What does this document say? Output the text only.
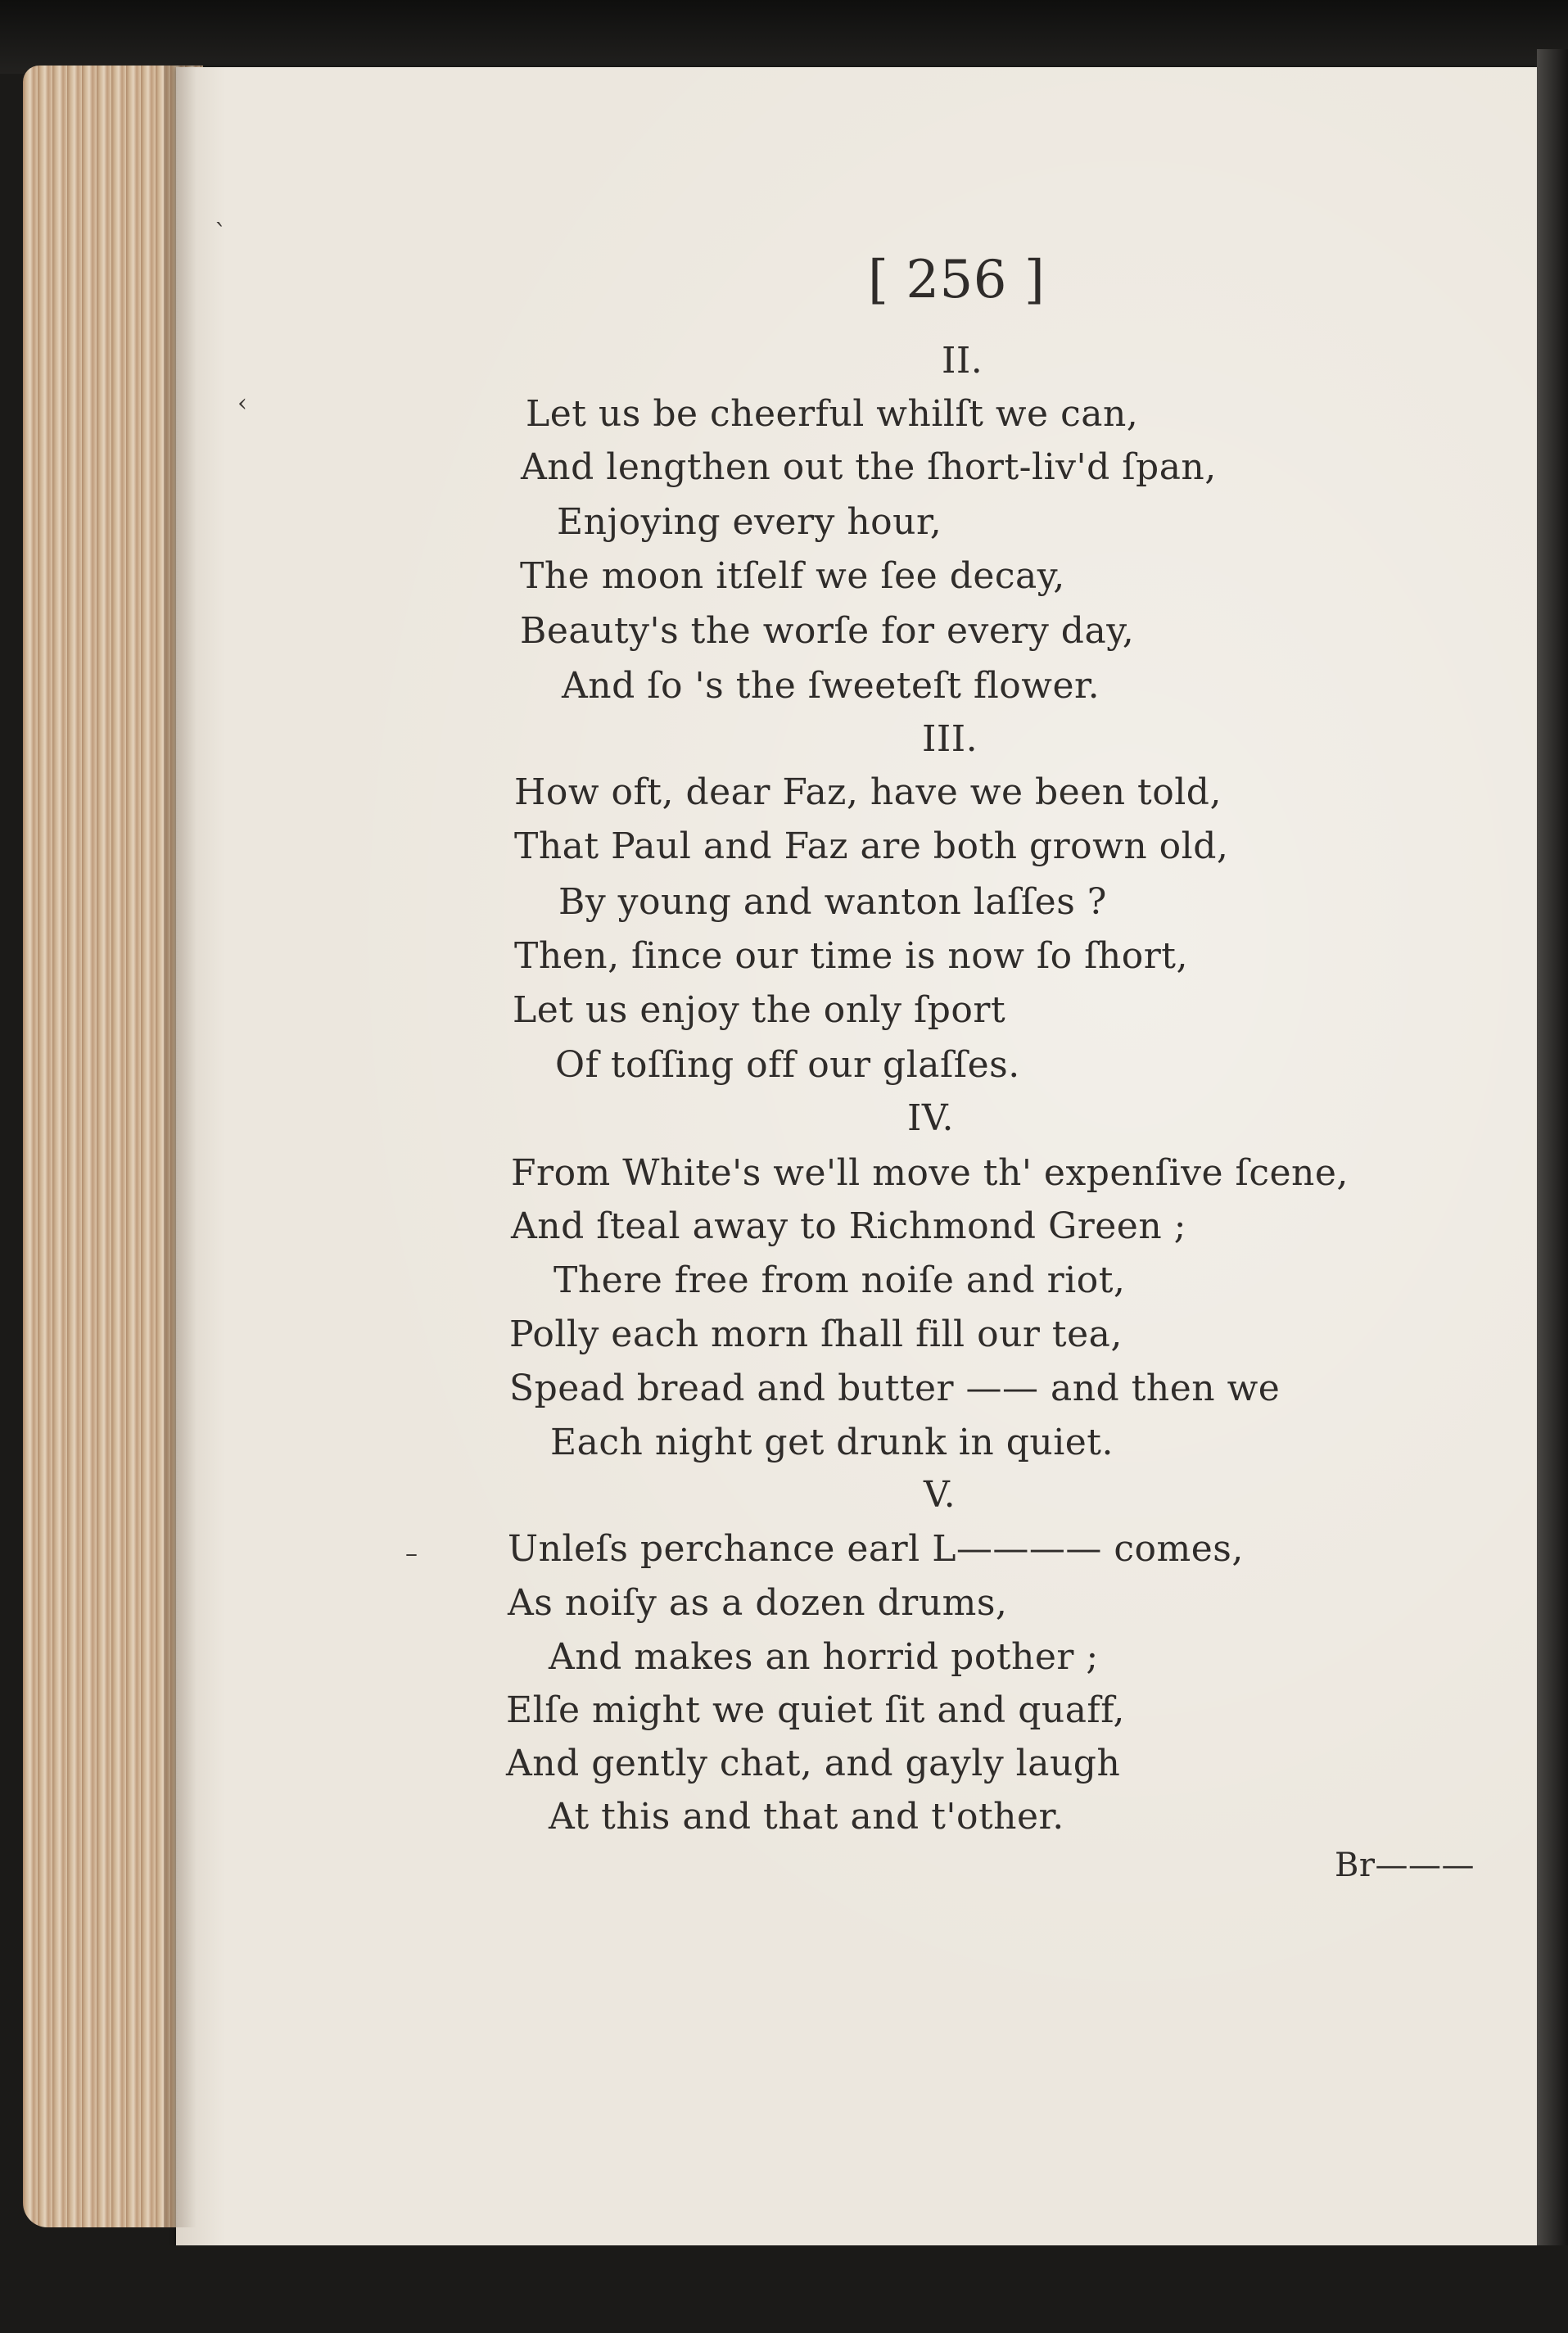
[ 256 ]
II.
Let us be cheerful whilſt we can,
And lengthen out the ſhort-liv'd ſpan,
Enjoying every hour,
The moon itſelf we ſee decay,
Beauty's the worſe for every day,
And ſo 's the ſweeteſt flower.
III.
How oft, dear Faz, have we been told,
That Paul and Faz are both grown old,
By young and wanton laſſes ?
Then, ſince our time is now ſo ſhort,
Let us enjoy the only ſport
Of toſſing off our glaſſes.
IV.
From White's we'll move th' expenſive ſcene,
And ſteal away to Richmond Green ;
There free from noiſe and riot,
Polly each morn ſhall fill our tea,
Spead bread and butter —— and then we
Each night get drunk in quiet.
V.
Unleſs perchance earl L———— comes,
As noiſy as a dozen drums,
And makes an horrid pother ;
Elſe might we quiet ſit and quaff,
And gently chat, and gayly laugh
At this and that and t'other.
Br———
ˋ
‹
–
